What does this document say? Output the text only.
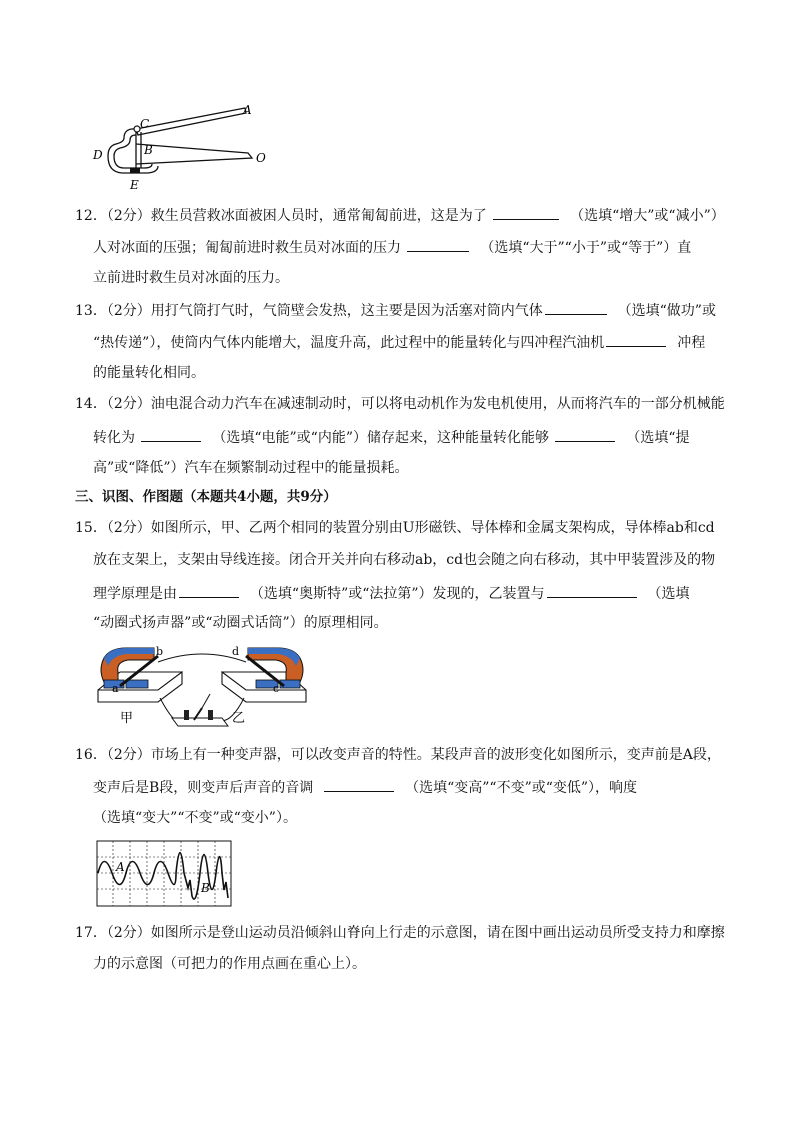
A
C
B
D	O
E
12．（2分）救生员营救冰面被困人员时，通常匍匐前进，这是为了	（选填“增大”或“减小”）
人对冰面的压强；匍匐前进时救生员对冰面的压力	（选填“大于”“小于”或“等于”）直
立前进时救生员对冰面的压力。
13．（2分）用打气筒打气时，气筒壁会发热，这主要是因为活塞对筒内气体	（选填“做功”或
“热传递”），使筒内气体内能增大，温度升高，此过程中的能量转化与四冲程汽油机	冲程
的能量转化相同。
14．（2分）油电混合动力汽车在减速制动时，可以将电动机作为发电机使用，从而将汽车的一部分机械能
转化为	（选填“电能”或“内能”）储存起来，这种能量转化能够	（选填“提
高”或“降低”）汽车在频繁制动过程中的能量损耗。
三、识图、作图题（本题共4小题，共9分）
15．（2分）如图所示，甲、乙两个相同的装置分别由U形磁铁、导体棒和金属支架构成，导体棒ab和cd
放在支架上，支架由导线连接。闭合开关并向右移动ab，cd也会随之向右移动，其中甲装置涉及的物
理学原理是由	（选填“奥斯特”或“法拉第”）发现的，乙装置与	（选填
“动圈式扬声器”或“动圈式话筒”）的原理相同。
b	d
a	c
甲	乙
16．（2分）市场上有一种变声器，可以改变声音的特性。某段声音的波形变化如图所示，变声前是A段，
变声后是B段，则变声后声音的音调	（选填“变高”“不变”或“变低”），响度
（选填“变大”“不变”或“变小”）。
A
B
17．（2分）如图所示是登山运动员沿倾斜山脊向上行走的示意图，请在图中画出运动员所受支持力和摩擦
力的示意图（可把力的作用点画在重心上）。
